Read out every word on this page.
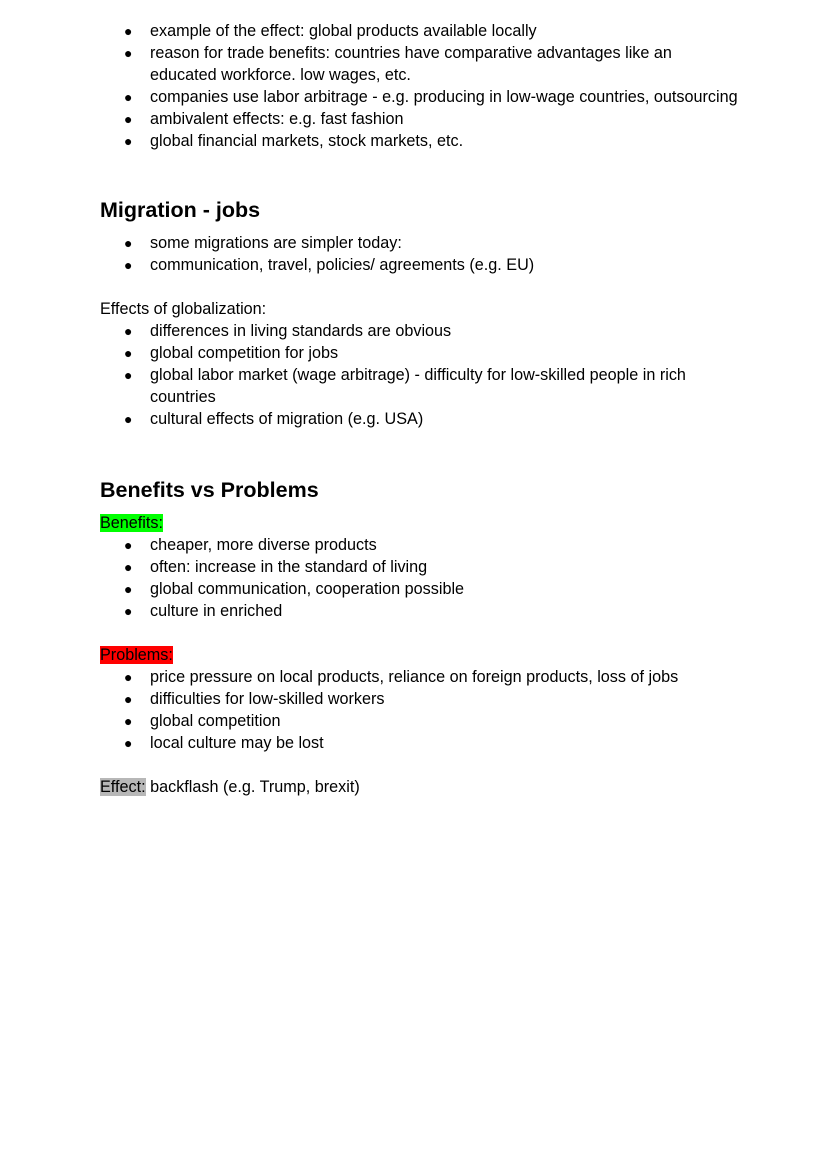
● example of the effect: global products available locally
● reason for trade benefits: countries have comparative advantages like an educated workforce. low wages, etc.
● companies use labor arbitrage - e.g. producing in low-wage countries, outsourcing
● ambivalent effects: e.g. fast fashion
● global financial markets, stock markets, etc.
Migration - jobs
● some migrations are simpler today:
● communication, travel, policies/ agreements (e.g. EU)

Effects of globalization:

● differences in living standards are obvious
● global competition for jobs
● global labor market (wage arbitrage) - difficulty for low-skilled people in rich countries
● cultural effects of migration (e.g. USA)
Benefits vs Problems

Benefits:

● cheaper, more diverse products
● often: increase in the standard of living
● global communication, cooperation possible
● culture in enriched

Problems:

● price pressure on local products, reliance on foreign products, loss of jobs
● difficulties for low-skilled workers
● global competition
● local culture may be lost

Effect: backflash (e.g. Trump, brexit)
